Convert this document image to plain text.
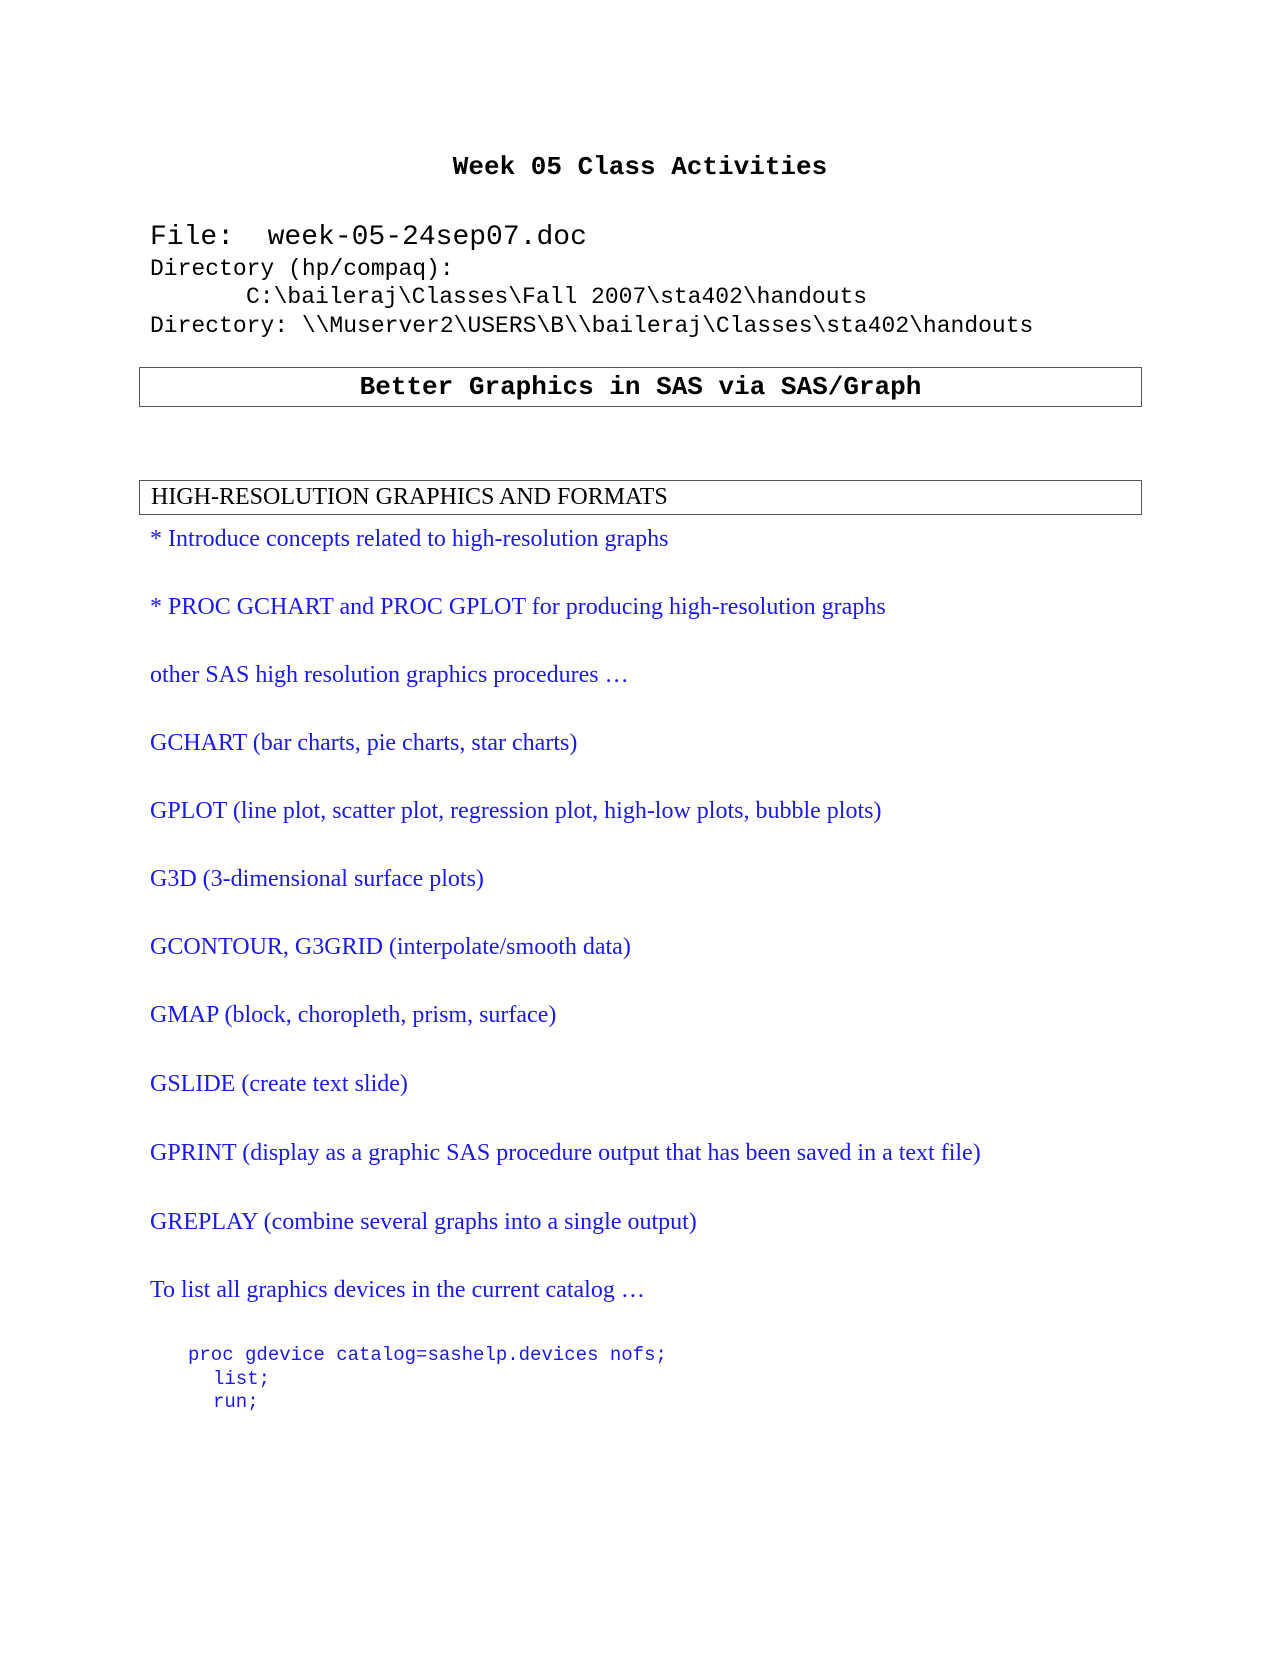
Week 05 Class Activities
File:  week-05-24sep07.doc
Directory (hp/compaq):
C:\baileraj\Classes\Fall 2007\sta402\handouts
Directory: \\Muserver2\USERS\B\\baileraj\Classes\sta402\handouts
Better Graphics in SAS via SAS/Graph
HIGH-RESOLUTION GRAPHICS AND FORMATS
* Introduce concepts related to high-resolution graphs
* PROC GCHART and PROC GPLOT for producing high-resolution graphs
other SAS high resolution graphics procedures …
GCHART (bar charts, pie charts, star charts)
GPLOT (line plot, scatter plot, regression plot, high-low plots, bubble plots)
G3D (3-dimensional surface plots)
GCONTOUR, G3GRID (interpolate/smooth data)
GMAP (block, choropleth, prism, surface)
GSLIDE (create text slide)
GPRINT (display as a graphic SAS procedure output that has been saved in a text file)
GREPLAY (combine several graphs into a single output)
To list all graphics devices in the current catalog …
proc gdevice catalog=sashelp.devices nofs;
list;
run;
